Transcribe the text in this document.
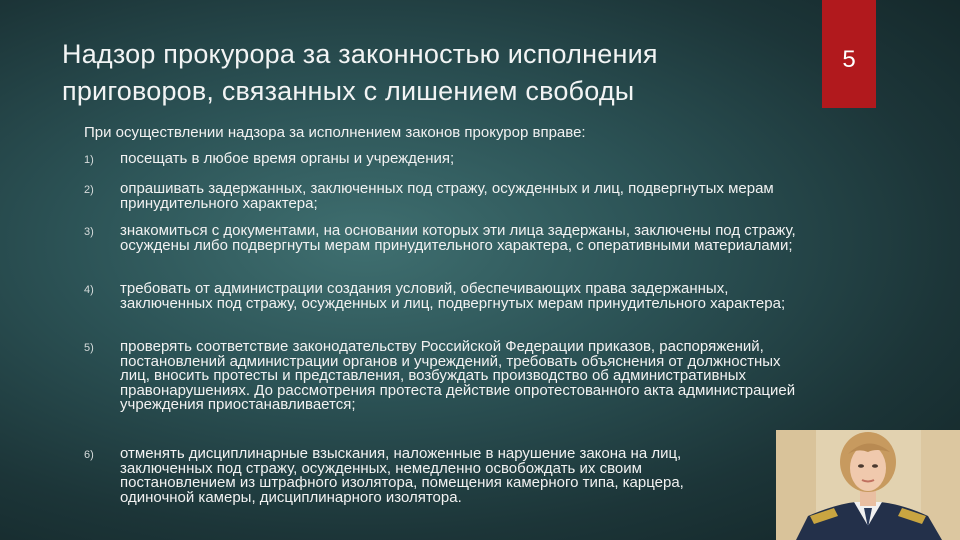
Надзор прокурора за законностью исполнения приговоров, связанных с лишением свободы
5
При осуществлении надзора за исполнением законов прокурор вправе:
1) посещать в любое время органы и учреждения;
2) опрашивать задержанных, заключенных под стражу, осужденных и лиц, подвергнутых мерам принудительного характера;
3) знакомиться с документами, на основании которых эти лица задержаны, заключены под стражу, осуждены либо подвергнуты мерам принудительного характера, с оперативными материалами;
4) требовать от администрации создания условий, обеспечивающих права задержанных, заключенных под стражу, осужденных и лиц, подвергнутых мерам принудительного характера;
5) проверять соответствие законодательству Российской Федерации приказов, распоряжений, постановлений администрации органов и учреждений, требовать объяснения от должностных лиц, вносить протесты и представления, возбуждать производство об административных правонарушениях. До рассмотрения протеста действие опротестованного акта администрацией учреждения приостанавливается;
6) отменять дисциплинарные взыскания, наложенные в нарушение закона на лиц, заключенных под стражу, осужденных, немедленно освобождать их своим постановлением из штрафного изолятора, помещения камерного типа, карцера, одиночной камеры, дисциплинарного изолятора.
